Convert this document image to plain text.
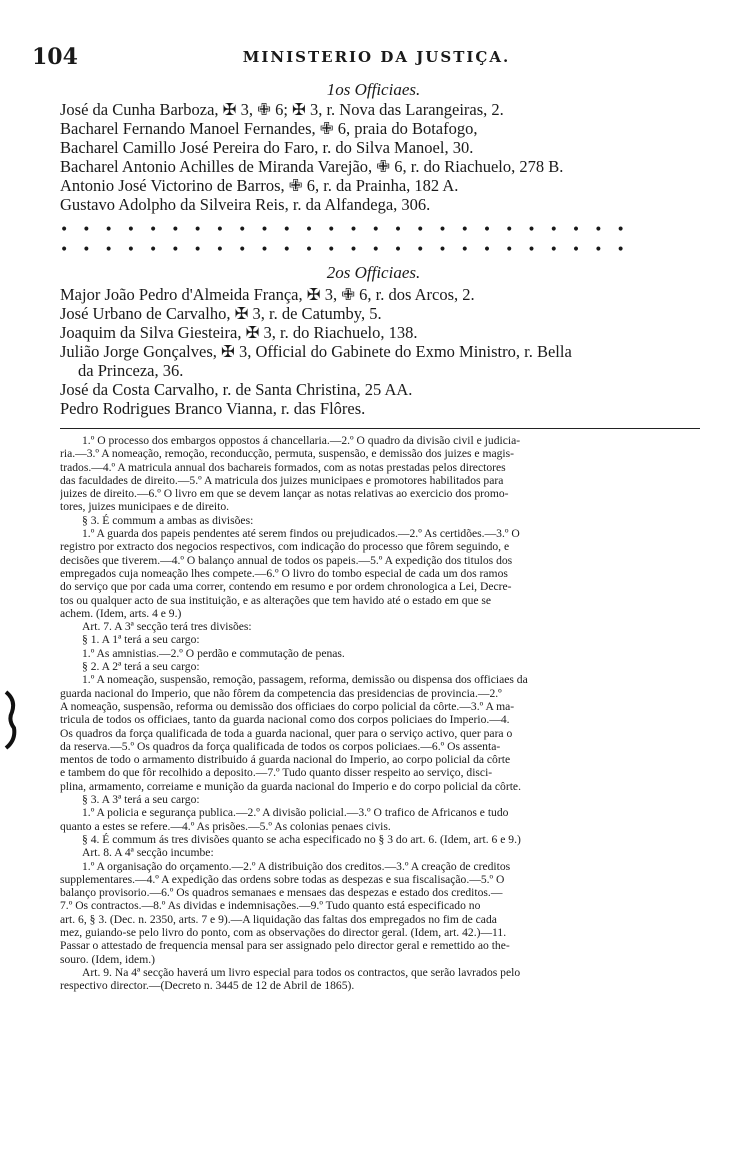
104	MINISTERIO DA JUSTIÇA.
1os Officiaes.
José da Cunha Barboza, ✠ 3, ✙ 6; ✠ 3, r. Nova das Larangeiras, 2.
Bacharel Fernando Manoel Fernandes, ✙ 6, praia do Botafogo,
Bacharel Camillo José Pereira do Faro, r. do Silva Manoel, 30.
Bacharel Antonio Achilles de Miranda Varejão, ✙ 6, r. do Riachuelo, 278 B.
Antonio José Victorino de Barros, ✙ 6, r. da Prainha, 182 A.
Gustavo Adolpho da Silveira Reis, r. da Alfandega, 306.
••••••••••••••••••••••••••
••••••••••••••••••••••••••
2os Officiaes.
Major João Pedro d'Almeida França, ✠ 3, ✙ 6, r. dos Arcos, 2.
José Urbano de Carvalho, ✠ 3, r. de Catumby, 5.
Joaquim da Silva Giesteira, ✠ 3, r. do Riachuelo, 138.
Julião Jorge Gonçalves, ✠ 3, Official do Gabinete do Exmo Ministro, r. Bella
da Princeza, 36.
José da Costa Carvalho, r. de Santa Christina, 25 AA.
Pedro Rodrigues Branco Vianna, r. das Flôres.
1.º O processo dos embargos oppostos á chancellaria.—2.º O quadro da divisão civil e judicia-
ria.—3.º A nomeação, remoção, reconducção, permuta, suspensão, e demissão dos juizes e magis-
trados.—4.º A matricula annual dos bachareis formados, com as notas prestadas pelos directores
das faculdades de direito.—5.º A matricula dos juizes municipaes e promotores habilitados para
juizes de direito.—6.º O livro em que se devem lançar as notas relativas ao exercicio dos promo-
tores, juizes municipaes e de direito.
§ 3. É commum a ambas as divisões:
1.º A guarda dos papeis pendentes até serem findos ou prejudicados.—2.º As certidões.—3.º O
registro por extracto dos negocios respectivos, com indicação do processo que fôrem seguindo, e
decisões que tiverem.—4.º O balanço annual de todos os papeis.—5.º A expedição dos titulos dos
empregados cuja nomeação lhes compete.—6.º O livro do tombo especial de cada um dos ramos
do serviço que por cada uma correr, contendo em resumo e por ordem chronologica a Lei, Decre-
tos ou qualquer acto de sua instituição, e as alterações que tem havido até o estado em que se
achem. (Idem, arts. 4 e 9.)
Art. 7. A 3ª secção terá tres divisões:
§ 1. A 1ª terá a seu cargo:
1.º As amnistias.—2.º O perdão e commutação de penas.
§ 2. A 2ª terá a seu cargo:
1.º A nomeação, suspensão, remoção, passagem, reforma, demissão ou dispensa dos officiaes da
guarda nacional do Imperio, que não fôrem da competencia das presidencias de provincia.—2.º
A nomeação, suspensão, reforma ou demissão dos officiaes do corpo policial da côrte.—3.º A ma-
tricula de todos os officiaes, tanto da guarda nacional como dos corpos policiaes do Imperio.—4.
Os quadros da força qualificada de toda a guarda nacional, quer para o serviço activo, quer para o
da reserva.—5.º Os quadros da força qualificada de todos os corpos policiaes.—6.º Os assenta-
mentos de todo o armamento distribuido á guarda nacional do Imperio, ao corpo policial da côrte
e tambem do que fôr recolhido a deposito.—7.º Tudo quanto disser respeito ao serviço, disci-
plina, armamento, correiame e munição da guarda nacional do Imperio e do corpo policial da côrte.
§ 3. A 3ª terá a seu cargo:
1.º A policia e segurança publica.—2.º A divisão policial.—3.º O trafico de Africanos e tudo
quanto a estes se refere.—4.º As prisões.—5.º As colonias penaes civis.
§ 4. É commum ás tres divisões quanto se acha especificado no § 3 do art. 6. (Idem, art. 6 e 9.)
Art. 8. A 4ª secção incumbe:
1.º A organisação do orçamento.—2.º A distribuição dos creditos.—3.º A creação de creditos
supplementares.—4.º A expedição das ordens sobre todas as despezas e sua fiscalisação.—5.º O
balanço provisorio.—6.º Os quadros semanaes e mensaes das despezas e estado dos creditos.—
7.º Os contractos.—8.º As dividas e indemnisações.—9.º Tudo quanto está especificado no
art. 6, § 3. (Dec. n. 2350, arts. 7 e 9).—A liquidação das faltas dos empregados no fim de cada
mez, guiando-se pelo livro do ponto, com as observações do director geral. (Idem, art. 42.)—11.
Passar o attestado de frequencia mensal para ser assignado pelo director geral e remettido ao the-
souro. (Idem, idem.)
Art. 9. Na 4ª secção haverá um livro especial para todos os contractos, que serão lavrados pelo
respectivo director.—(Decreto n. 3445 de 12 de Abril de 1865).
